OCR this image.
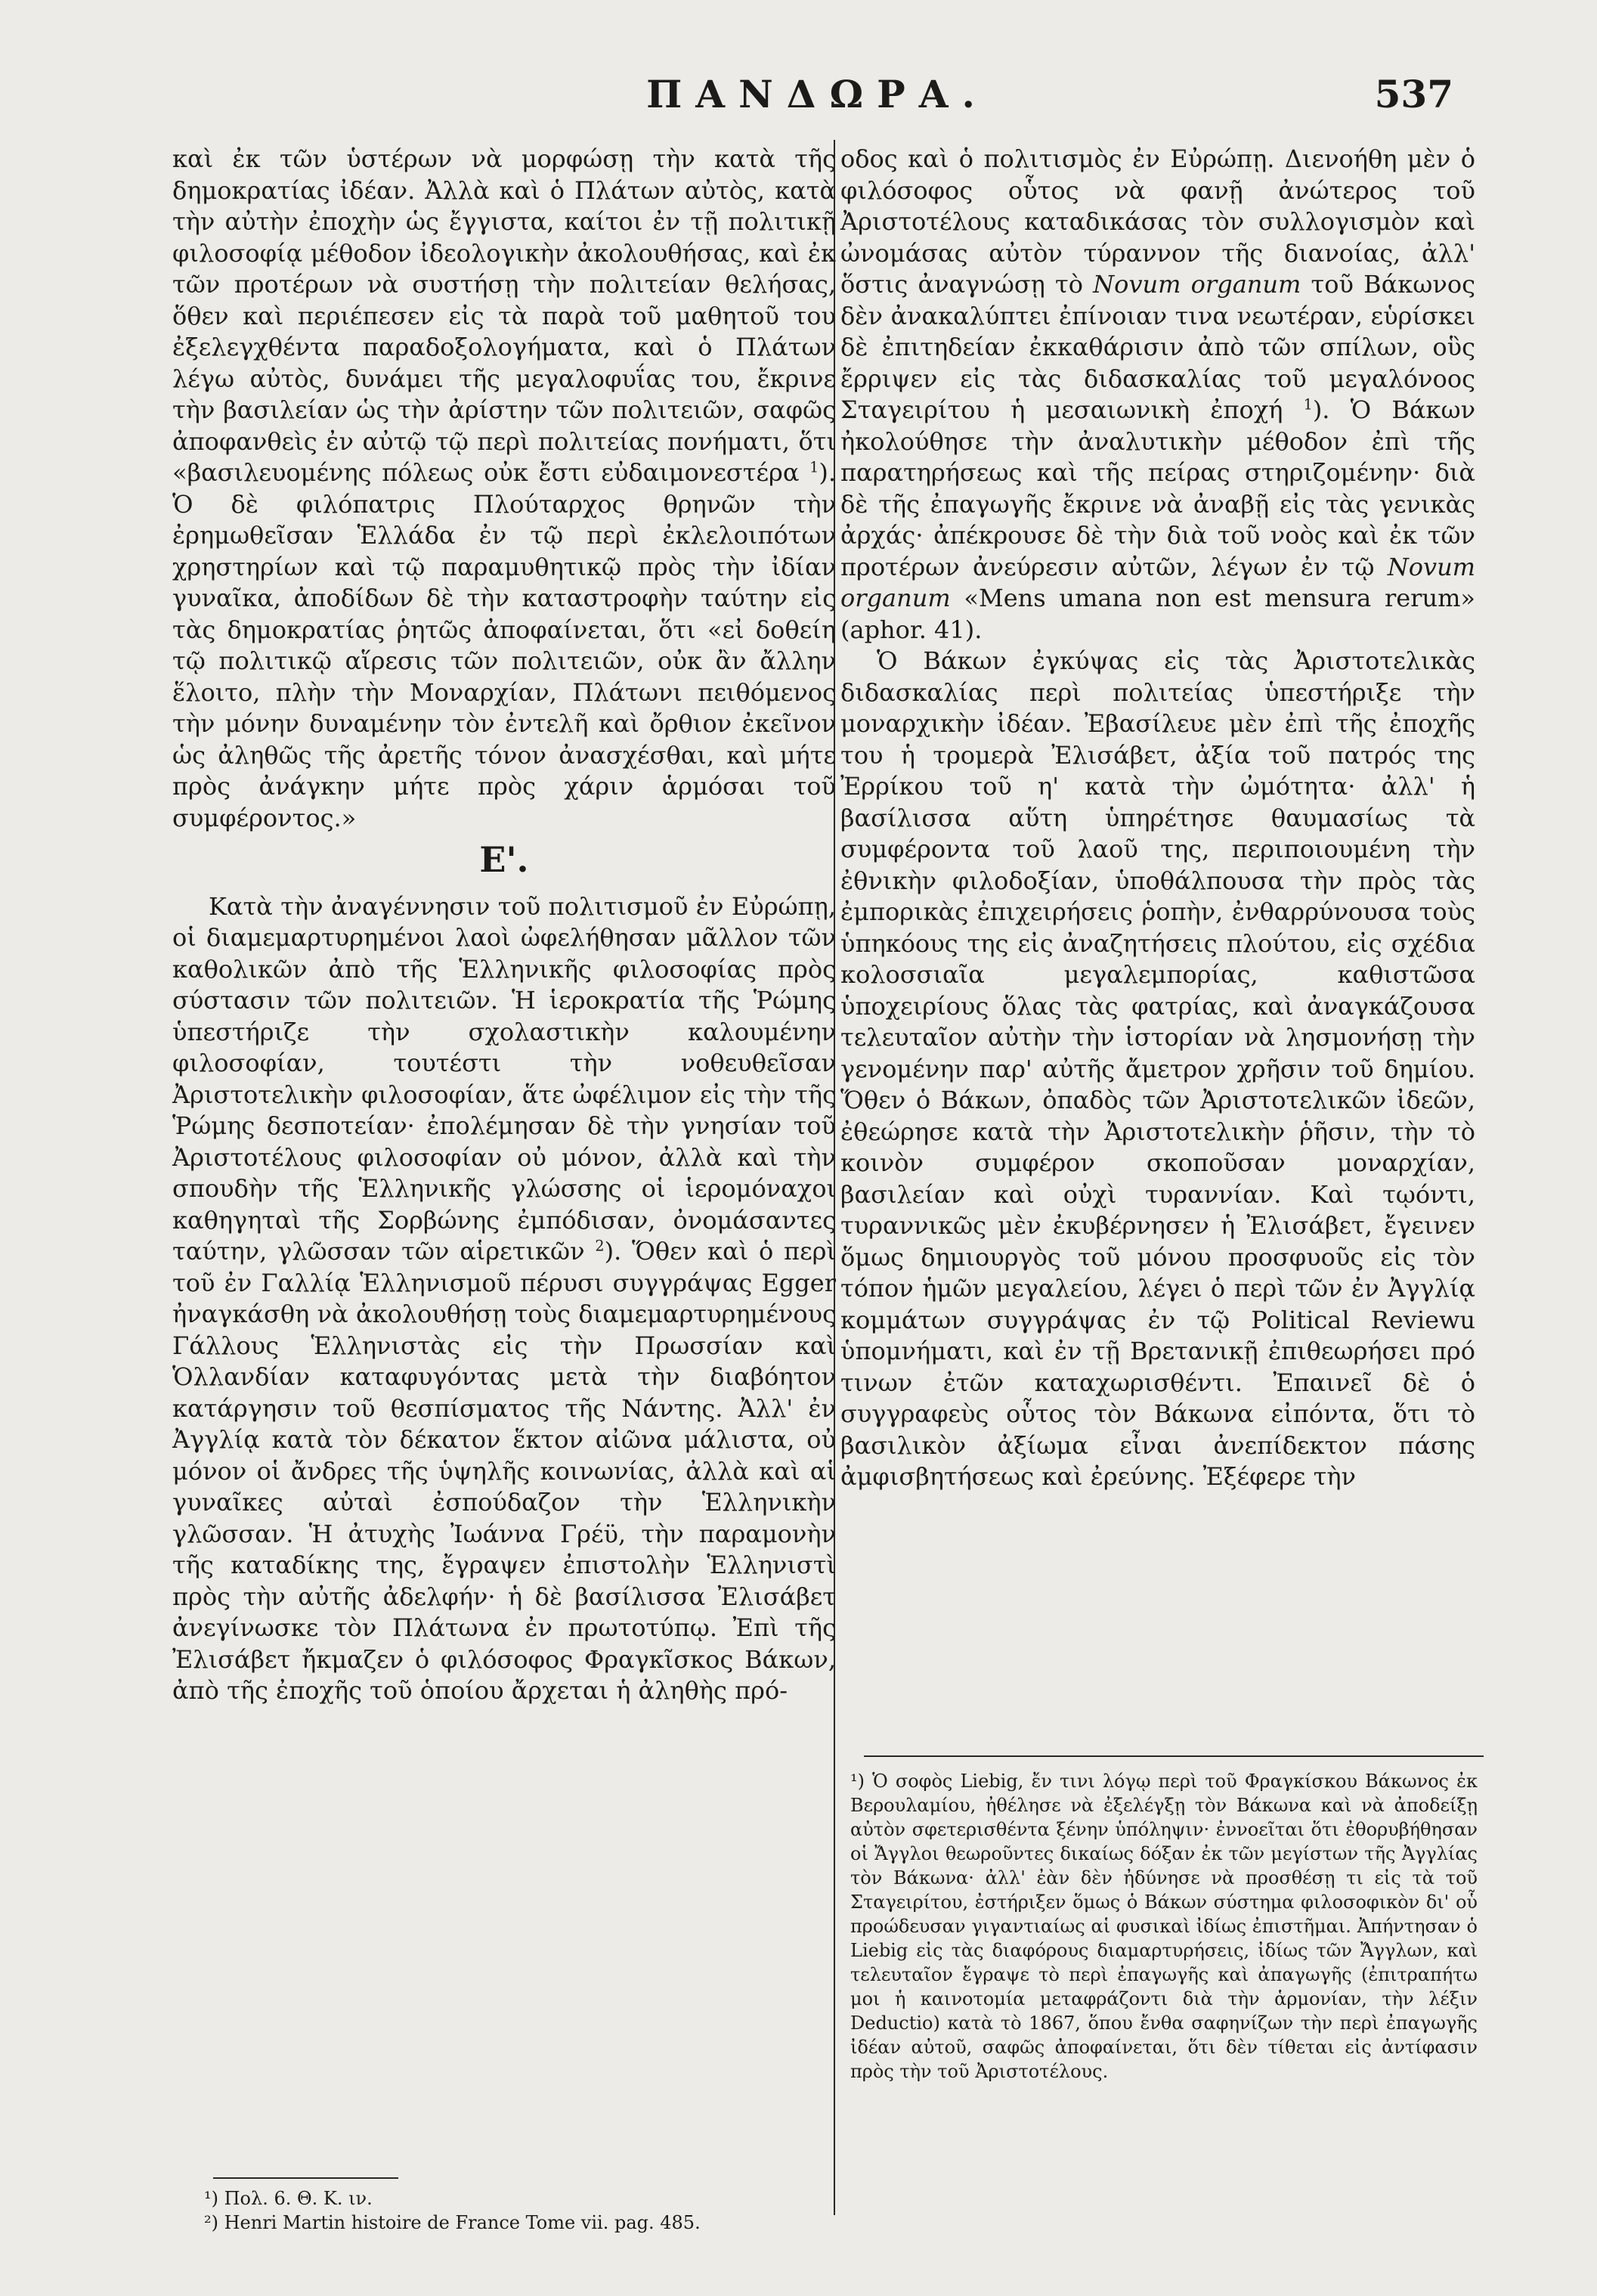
ΠΑΝΔΩΡΑ.	537

καὶ ἐκ τῶν ὑστέρων νὰ μορφώσῃ τὴν κατὰ τῆς δημοκρατίας ἰδέαν. Ἀλλὰ καὶ ὁ Πλάτων αὐτὸς, κατὰ τὴν αὐτὴν ἐποχὴν ὡς ἔγγιστα, καίτοι ἐν τῇ πολιτικῇ φιλοσοφίᾳ μέθοδον ἰδεολογικὴν ἀκολουθήσας, καὶ ἐκ τῶν προτέρων νὰ συστήσῃ τὴν πολιτείαν θελήσας, ὅθεν καὶ περιέπεσεν εἰς τὰ παρὰ τοῦ μαθητοῦ του ἐξελεγχθέντα παραδοξολογήματα, καὶ ὁ Πλάτων λέγω αὐτὸς, δυνάμει τῆς μεγαλοφυΐας του, ἔκρινε τὴν βασιλείαν ὡς τὴν ἀρίστην τῶν πολιτειῶν, σαφῶς ἀποφανθεὶς ἐν αὐτῷ τῷ περὶ πολιτείας πονήματι, ὅτι «βασιλευομένης πόλεως οὐκ ἔστι εὐδαιμονεστέρα $^1$). Ὁ δὲ φιλόπατρις Πλούταρχος θρηνῶν τὴν ἐρημωθεῖσαν Ἑλλάδα ἐν τῷ περὶ ἐκλελοιπότων χρηστηρίων καὶ τῷ παραμυθητικῷ πρὸς τὴν ἰδίαν γυναῖκα, ἀποδίδων δὲ τὴν καταστροφὴν ταύτην εἰς τὰς δημοκρατίας ῥητῶς ἀποφαίνεται, ὅτι «εἰ δοθείη τῷ πολιτικῷ αἵρεσις τῶν πολιτειῶν, οὐκ ἂν ἄλλην ἕλοιτο, πλὴν τὴν Μοναρχίαν, Πλάτωνι πειθόμενος τὴν μόνην δυναμένην τὸν ἐντελῆ καὶ ὄρθιον ἐκεῖνον ὡς ἀληθῶς τῆς ἀρετῆς τόνον ἀνασχέσθαι, καὶ μήτε πρὸς ἀνάγκην μήτε πρὸς χάριν ἁρμόσαι τοῦ συμφέροντος.»

Ε'.

Κατὰ τὴν ἀναγέννησιν τοῦ πολιτισμοῦ ἐν Εὐρώπῃ, οἱ διαμεμαρτυρημένοι λαοὶ ὠφελήθησαν μᾶλλον τῶν καθολικῶν ἀπὸ τῆς Ἑλληνικῆς φιλοσοφίας πρὸς σύστασιν τῶν πολιτειῶν. Ἡ ἱεροκρατία τῆς Ῥώμης ὑπεστήριζε τὴν σχολαστικὴν καλουμένην φιλοσοφίαν, τουτέστι τὴν νοθευθεῖσαν Ἀριστοτελικὴν φιλοσοφίαν, ἅτε ὠφέλιμον εἰς τὴν τῆς Ῥώμης δεσποτείαν· ἐπολέμησαν δὲ τὴν γνησίαν τοῦ Ἀριστοτέλους φιλοσοφίαν οὐ μόνον, ἀλλὰ καὶ τὴν σπουδὴν τῆς Ἑλληνικῆς γλώσσης οἱ ἱερομόναχοι καθηγηταὶ τῆς Σορβώνης ἐμπόδισαν, ὀνομάσαντες ταύτην, γλῶσσαν τῶν αἱρετικῶν $^2$). Ὅθεν καὶ ὁ περὶ τοῦ ἐν Γαλλίᾳ Ἑλληνισμοῦ πέρυσι συγγράψας Egger ἠναγκάσθη νὰ ἀκολουθήσῃ τοὺς διαμεμαρτυρημένους Γάλλους Ἑλληνιστὰς εἰς τὴν Πρωσσίαν καὶ Ὁλλανδίαν καταφυγόντας μετὰ τὴν διαβόητον κατάργησιν τοῦ θεσπίσματος τῆς Νάντης. Ἀλλ' ἐν Ἀγγλίᾳ κατὰ τὸν δέκατον ἕκτον αἰῶνα μάλιστα, οὐ μόνον οἱ ἄνδρες τῆς ὑψηλῆς κοινωνίας, ἀλλὰ καὶ αἱ γυναῖκες αὐταὶ ἐσπούδαζον τὴν Ἑλληνικὴν γλῶσσαν. Ἡ ἀτυχὴς Ἰωάννα Γρέϋ, τὴν παραμονὴν τῆς καταδίκης της, ἔγραψεν ἐπιστολὴν Ἑλληνιστὶ πρὸς τὴν αὐτῆς ἀδελφήν· ἡ δὲ βασίλισσα Ἐλισάβετ ἀνεγίνωσκε τὸν Πλάτωνα ἐν πρωτοτύπῳ. Ἐπὶ τῆς Ἐλισάβετ ἤκμαζεν ὁ φιλόσοφος Φραγκῖσκος Βάκων, ἀπὸ τῆς ἐποχῆς τοῦ ὁποίου ἄρχεται ἡ ἀληθὴς πρό-

οδος καὶ ὁ πολιτισμὸς ἐν Εὐρώπῃ. Διενοήθη μὲν ὁ φιλόσοφος οὗτος νὰ φανῇ ἀνώτερος τοῦ Ἀριστοτέλους καταδικάσας τὸν συλλογισμὸν καὶ ὠνομάσας αὐτὸν τύραννον τῆς διανοίας, ἀλλ' ὅστις ἀναγνώσῃ τὸ Novum organum τοῦ Βάκωνος δὲν ἀνακαλύπτει ἐπίνοιαν τινα νεωτέραν, εὑρίσκει δὲ ἐπιτηδείαν ἐκκαθάρισιν ἀπὸ τῶν σπίλων, οὓς ἔρριψεν εἰς τὰς διδασκαλίας τοῦ μεγαλόνοος Σταγειρίτου ἡ μεσαιωνικὴ ἐποχή $^1$). Ὁ Βάκων ἠκολούθησε τὴν ἀναλυτικὴν μέθοδον ἐπὶ τῆς παρατηρήσεως καὶ τῆς πείρας στηριζομένην· διὰ δὲ τῆς ἐπαγωγῆς ἔκρινε νὰ ἀναβῇ εἰς τὰς γενικὰς ἀρχάς· ἀπέκρουσε δὲ τὴν διὰ τοῦ νοὸς καὶ ἐκ τῶν προτέρων ἀνεύρεσιν αὐτῶν, λέγων ἐν τῷ Novum organum «Mens umana non est mensura rerum» (aphor. 41).

Ὁ Βάκων ἐγκύψας εἰς τὰς Ἀριστοτελικὰς διδασκαλίας περὶ πολιτείας ὑπεστήριξε τὴν μοναρχικὴν ἰδέαν. Ἐβασίλευε μὲν ἐπὶ τῆς ἐποχῆς του ἡ τρομερὰ Ἐλισάβετ, ἀξία τοῦ πατρός της Ἐρρίκου τοῦ η' κατὰ τὴν ὠμότητα· ἀλλ' ἡ βασίλισσα αὕτη ὑπηρέτησε θαυμασίως τὰ συμφέροντα τοῦ λαοῦ της, περιποιουμένη τὴν ἐθνικὴν φιλοδοξίαν, ὑποθάλπουσα τὴν πρὸς τὰς ἐμπορικὰς ἐπιχειρήσεις ῥοπὴν, ἐνθαρρύνουσα τοὺς ὑπηκόους της εἰς ἀναζητήσεις πλούτου, εἰς σχέδια κολοσσιαῖα μεγαλεμπορίας, καθιστῶσα ὑποχειρίους ὅλας τὰς φατρίας, καὶ ἀναγκάζουσα τελευταῖον αὐτὴν τὴν ἱστορίαν νὰ λησμονήσῃ τὴν γενομένην παρ' αὐτῆς ἄμετρον χρῆσιν τοῦ δημίου. Ὅθεν ὁ Βάκων, ὀπαδὸς τῶν Ἀριστοτελικῶν ἰδεῶν, ἐθεώρησε κατὰ τὴν Ἀριστοτελικὴν ῥῆσιν, τὴν τὸ κοινὸν συμφέρον σκοποῦσαν μοναρχίαν, βασιλείαν καὶ οὐχὶ τυραννίαν. Καὶ τῳόντι, τυραννικῶς μὲν ἐκυβέρνησεν ἡ Ἐλισάβετ, ἔγεινεν ὅμως δημιουργὸς τοῦ μόνου προσφυοῦς εἰς τὸν τόπον ἡμῶν μεγαλείου, λέγει ὁ περὶ τῶν ἐν Ἀγγλίᾳ κομμάτων συγγράψας ἐν τῷ Political Reviewu ὑπομνήματι, καὶ ἐν τῇ Βρετανικῇ ἐπιθεωρήσει πρό τινων ἐτῶν καταχωρισθέντι. Ἐπαινεῖ δὲ ὁ συγγραφεὺς οὗτος τὸν Βάκωνα εἰπόντα, ὅτι τὸ βασιλικὸν ἀξίωμα εἶναι ἀνεπίδεκτον πάσης ἀμφισβητήσεως καὶ ἐρεύνης. Ἐξέφερε τὴν

¹) Ὁ σοφὸς Liebig, ἔν τινι λόγῳ περὶ τοῦ Φραγκίσκου Βάκωνος ἐκ Βερουλαμίου, ἠθέλησε νὰ ἐξελέγξῃ τὸν Βάκωνα καὶ νὰ ἀποδείξῃ αὐτὸν σφετερισθέντα ξένην ὑπόληψιν· ἐννοεῖται ὅτι ἐθορυβήθησαν οἱ Ἄγγλοι θεωροῦντες δικαίως δόξαν ἐκ τῶν μεγίστων τῆς Ἀγγλίας τὸν Βάκωνα· ἀλλ' ἐὰν δὲν ἠδύνησε νὰ προσθέσῃ τι εἰς τὰ τοῦ Σταγειρίτου, ἐστήριξεν ὅμως ὁ Βάκων σύστημα φιλοσοφικὸν δι' οὗ προώδευσαν γιγαντιαίως αἱ φυσικαὶ ἰδίως ἐπιστῆμαι. Ἀπήντησαν ὁ Liebig εἰς τὰς διαφόρους διαμαρτυρήσεις, ἰδίως τῶν Ἄγγλων, καὶ τελευταῖον ἔγραψε τὸ περὶ ἐπαγωγῆς καὶ ἀπαγωγῆς (ἐπιτραπήτω μοι ἡ καινοτομία μεταφράζοντι διὰ τὴν ἁρμονίαν, τὴν λέξιν Deductio) κατὰ τὸ 1867, ὅπου ἔνθα σαφηνίζων τὴν περὶ ἐπαγωγῆς ἰδέαν αὐτοῦ, σαφῶς ἀποφαίνεται, ὅτι δὲν τίθεται εἰς ἀντίφασιν πρὸς τὴν τοῦ Ἀριστοτέλους.

¹) Πολ. 6. Θ. Κ. ιν.

²) Henri Martin histoire de France Tome vii. pag. 485.
